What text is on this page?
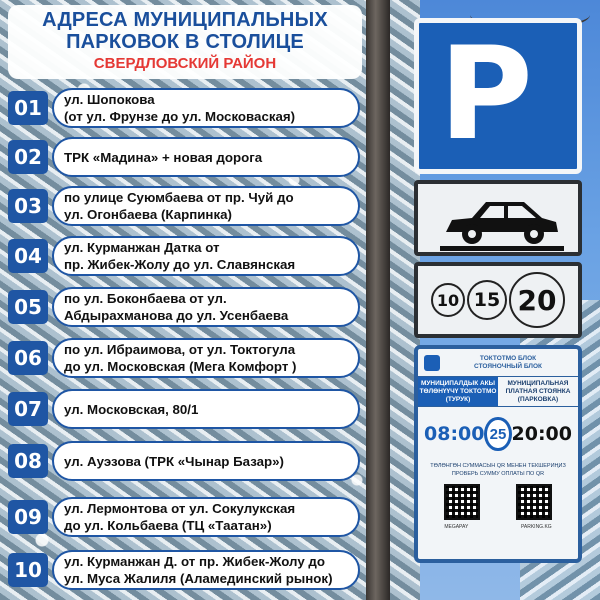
P
10 15 20
ТОКТОТМО БЛОК
СТОЯНОЧНЫЙ БЛОК
МУНИЦИПАЛДЫК АКЫ ТӨЛӨНҮҮЧҮ ТОКТОТМО (ТУРУК)
МУНИЦИПАЛЬНАЯ ПЛАТНАЯ СТОЯНКА (ПАРКОВКА)
08:00 25 20:00
ТӨЛӨНГӨН СУММАСЫН QR МЕНЕН ТЕКШЕРИҢИЗ
ПРОВЕРЬ СУММУ ОПЛАТЫ ПО QR
MEGAPAY	PARKING.KG
АДРЕСА МУНИЦИПАЛЬНЫХ
ПАРКОВОК В СТОЛИЦЕ
СВЕРДЛОВСКИЙ РАЙОН
01	ул. Шопокова
(от ул. Фрунзе до ул. Московаская)
02	ТРК «Мадина» + новая дорога
03	по улице Суюмбаева от пр. Чуй до
ул. Огонбаева (Карпинка)
04	ул. Курманжан Датка от
пр. Жибек-Жолу до ул. Славянская
05	по ул. Боконбаева от ул.
Абдырахманова до ул. Усенбаева
06	по ул. Ибраимова, от ул. Токтогула
до ул. Московская (Мега Комфорт )
07	ул. Московская, 80/1
08	ул. Ауэзова (ТРК «Чынар Базар»)
09	ул. Лермонтова от ул. Сокулукская
до ул. Кольбаева (ТЦ «Таатан»)
10	ул. Курманжан Д. от пр. Жибек-Жолу до
ул. Муса Жалиля (Аламединский рынок)
